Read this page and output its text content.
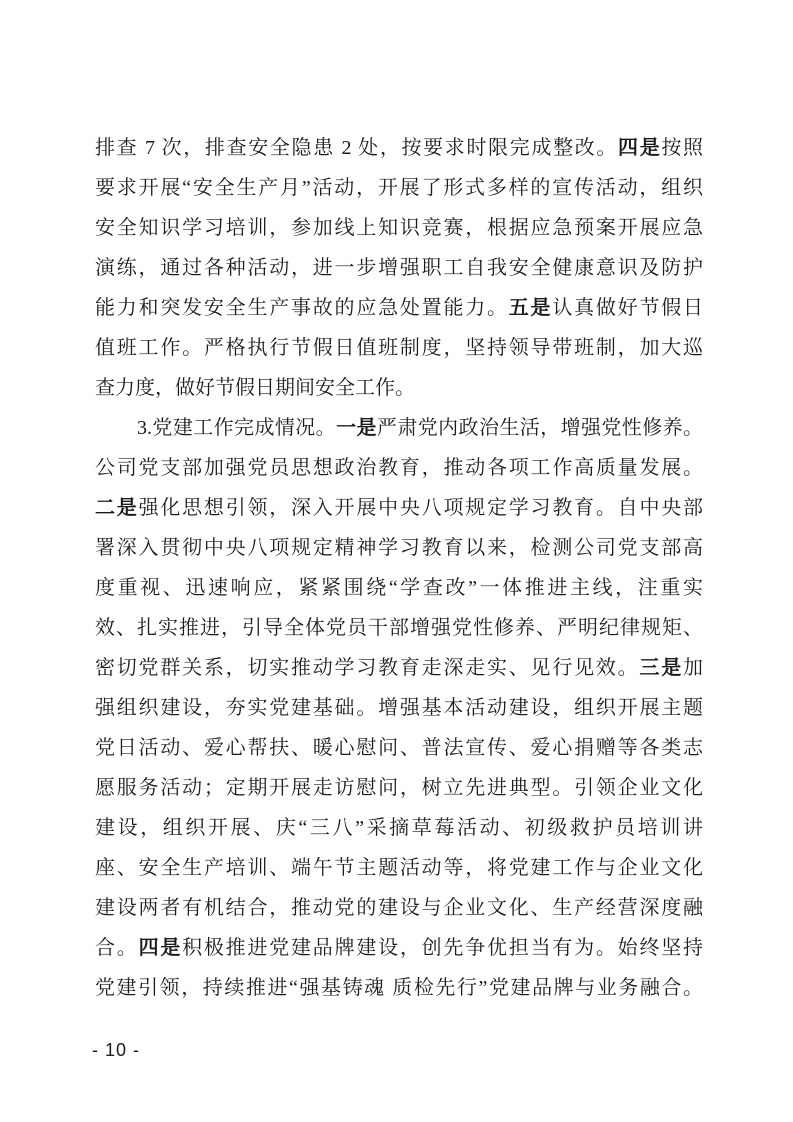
排查 7 次，排查安全隐患 2 处，按要求时限完成整改。四是按照
要求开展“安全生产月”活动，开展了形式多样的宣传活动，组织
安全知识学习培训，参加线上知识竞赛，根据应急预案开展应急
演练，通过各种活动，进一步增强职工自我安全健康意识及防护
能力和突发安全生产事故的应急处置能力。五是认真做好节假日
值班工作。严格执行节假日值班制度，坚持领导带班制，加大巡
查力度，做好节假日期间安全工作。
3.党建工作完成情况。一是严肃党内政治生活，增强党性修养。
公司党支部加强党员思想政治教育，推动各项工作高质量发展。
二是强化思想引领，深入开展中央八项规定学习教育。自中央部
署深入贯彻中央八项规定精神学习教育以来，检测公司党支部高
度重视、迅速响应，紧紧围绕“学查改”一体推进主线，注重实
效、扎实推进，引导全体党员干部增强党性修养、严明纪律规矩、
密切党群关系，切实推动学习教育走深走实、见行见效。三是加
强组织建设，夯实党建基础。增强基本活动建设，组织开展主题
党日活动、爱心帮扶、暖心慰问、普法宣传、爱心捐赠等各类志
愿服务活动；定期开展走访慰问，树立先进典型。引领企业文化
建设，组织开展、庆“三八”采摘草莓活动、初级救护员培训讲
座、安全生产培训、端午节主题活动等，将党建工作与企业文化
建设两者有机结合，推动党的建设与企业文化、生产经营深度融
合。四是积极推进党建品牌建设，创先争优担当有为。始终坚持
党建引领，持续推进“强基铸魂 质检先行”党建品牌与业务融合。
- 10 -
